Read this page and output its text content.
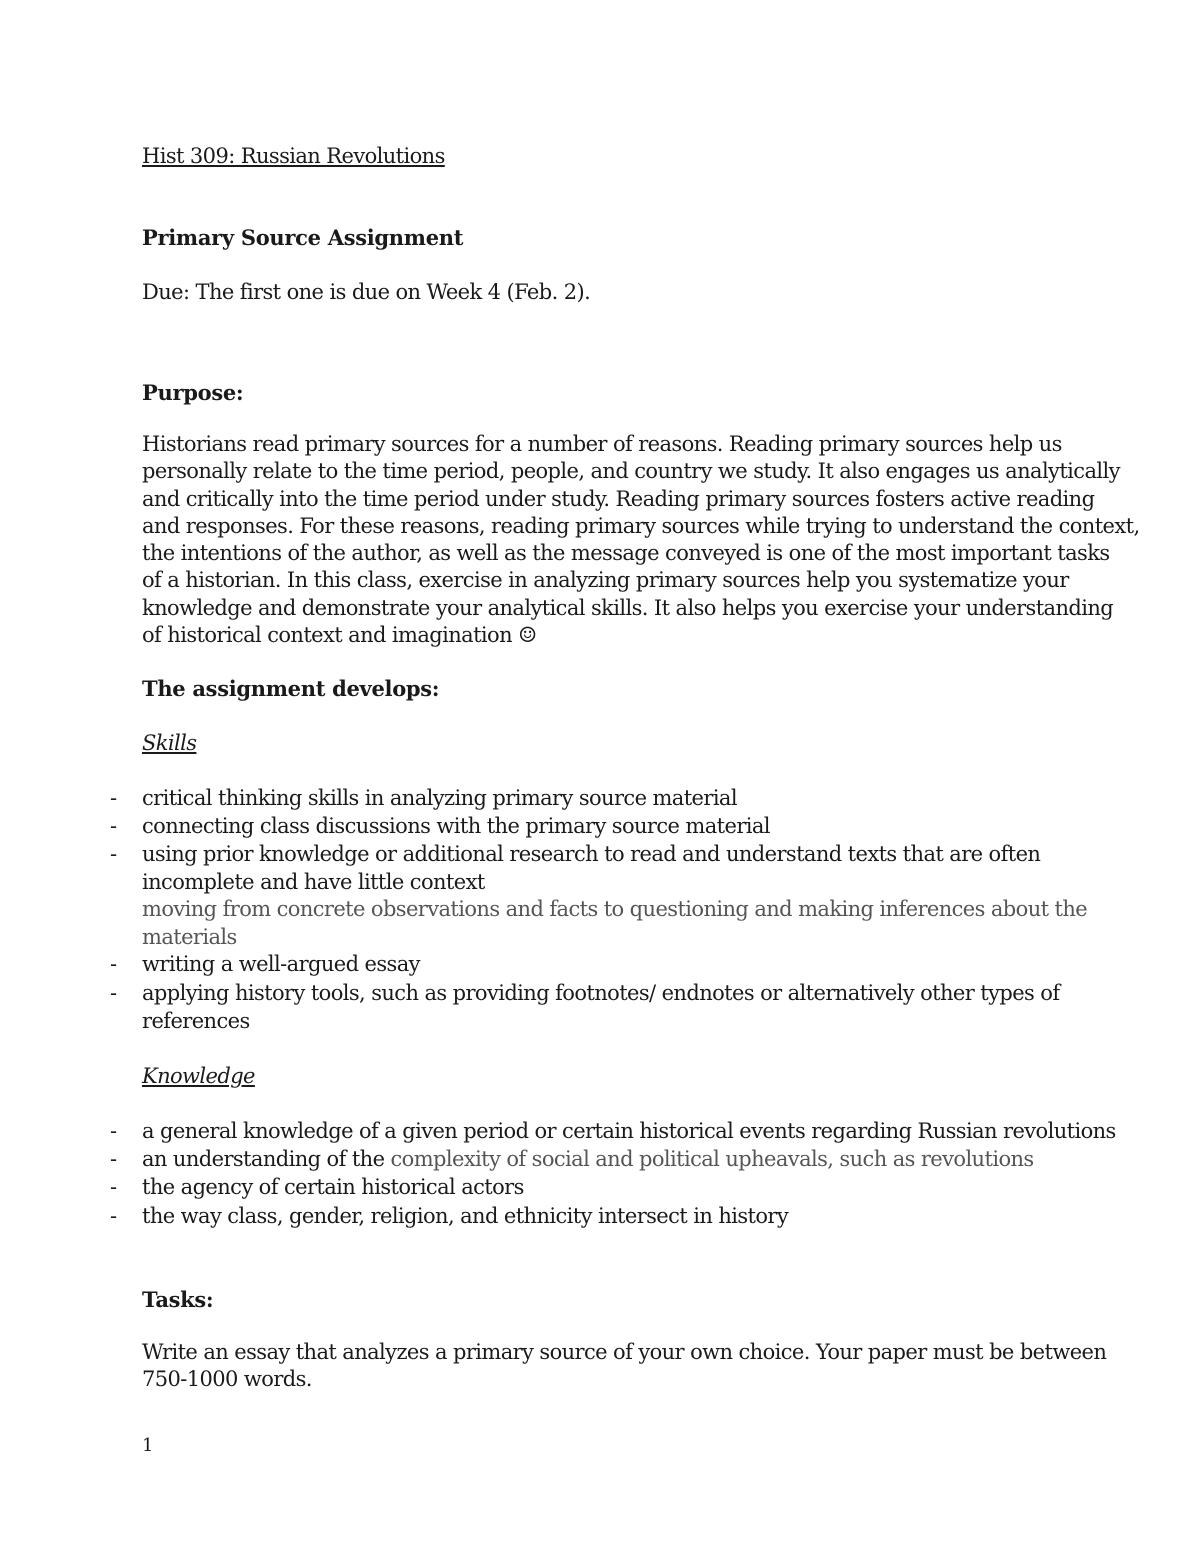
Hist 309: Russian Revolutions
Primary Source Assignment
Due: The first one is due on Week 4 (Feb. 2).
Purpose:
Historians read primary sources for a number of reasons. Reading primary sources help us
personally relate to the time period, people, and country we study. It also engages us analytically
and critically into the time period under study. Reading primary sources fosters active reading
and responses. For these reasons, reading primary sources while trying to understand the context,
the intentions of the author, as well as the message conveyed is one of the most important tasks
of a historian. In this class, exercise in analyzing primary sources help you systematize your
knowledge and demonstrate your analytical skills. It also helps you exercise your understanding
of historical context and imagination ☺
The assignment develops:
Skills
- critical thinking skills in analyzing primary source material
- connecting class discussions with the primary source material
- using prior knowledge or additional research to read and understand texts that are often
incomplete and have little context
moving from concrete observations and facts to questioning and making inferences about the
materials
- writing a well-argued essay
- applying history tools, such as providing footnotes/ endnotes or alternatively other types of
references
Knowledge
- a general knowledge of a given period or certain historical events regarding Russian revolutions
- an understanding of the complexity of social and political upheavals, such as revolutions
- the agency of certain historical actors
- the way class, gender, religion, and ethnicity intersect in history
Tasks:
Write an essay that analyzes a primary source of your own choice. Your paper must be between
750-1000 words.
1
